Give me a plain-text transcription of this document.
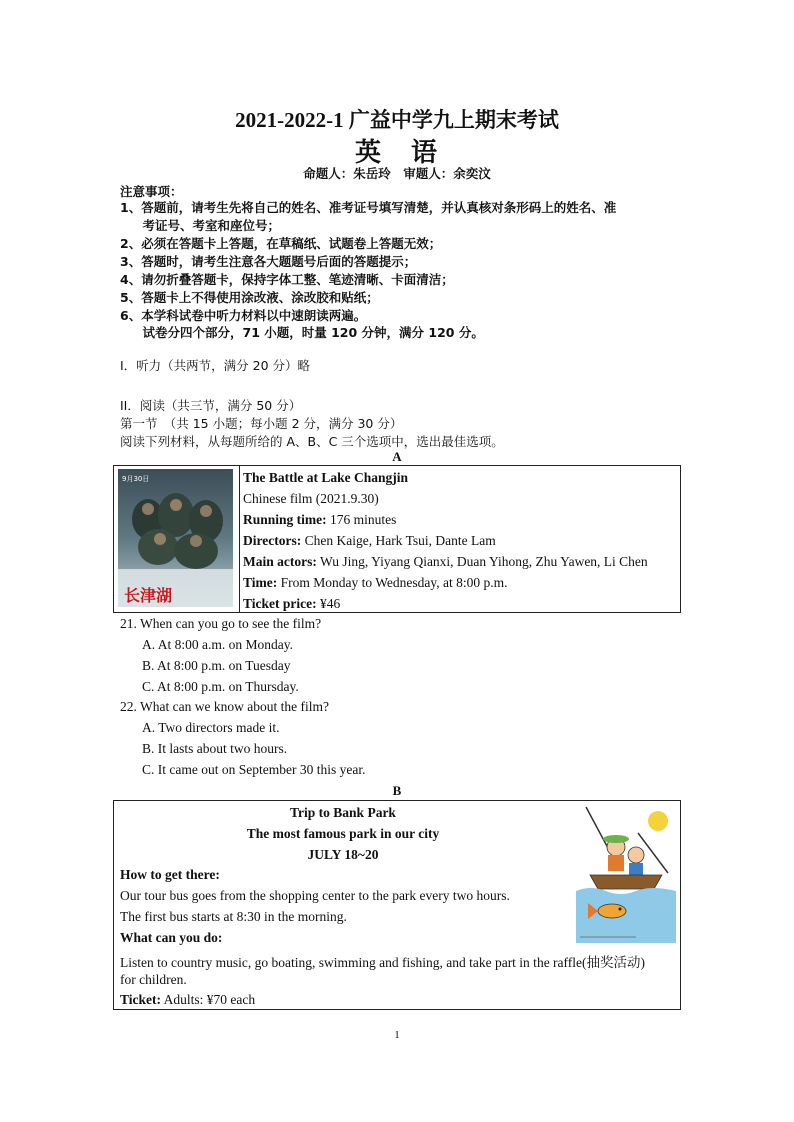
2021-2022-1 广益中学九上期末考试
英　语
命题人：朱岳玲　审题人：余奕汶
注意事项：
1、答题前，请考生先将自己的姓名、准考证号填写清楚，并认真核对条形码上的姓名、准
　考证号、考室和座位号；
2、必须在答题卡上答题，在草稿纸、试题卷上答题无效；
3、答题时，请考生注意各大题题号后面的答题提示；
4、请勿折叠答题卡，保持字体工整、笔迹清晰、卡面清洁；
5、答题卡上不得使用涂改液、涂改胶和贴纸；
6、本学科试卷中听力材料以中速朗读两遍。
　试卷分四个部分，71 小题，时量 120 分钟，满分 120 分。
I．听力（共两节，满分 20 分）略
II．阅读（共三节，满分 50 分）
第一节　（共 15 小题；每小题 2 分，满分 30 分）
阅读下列材料，从每题所给的 A、B、C 三个选项中，选出最佳选项。
A
9月30日
长津湖
The Battle at Lake Changjin
Chinese film (2021.9.30)
Running time: 176 minutes
Directors: Chen Kaige, Hark Tsui, Dante Lam
Main actors: Wu Jing, Yiyang Qianxi, Duan Yihong, Zhu Yawen, Li Chen
Time: From Monday to Wednesday, at 8:00 p.m.
Ticket price: ¥46
21. When can you go to see the film?
A. At 8:00 a.m. on Monday.
B. At 8:00 p.m. on Tuesday
C. At 8:00 p.m. on Thursday.
22. What can we know about the film?
A. Two directors made it.
B. It lasts about two hours.
C. It came out on September 30 this year.
B
Trip to Bank Park
The most famous park in our city
JULY 18~20
How to get there:
Our tour bus goes from the shopping center to the park every two hours.
The first bus starts at 8:30 in the morning.
What can you do:
Listen to country music, go boating, swimming and fishing, and take part in the raffle(抽奖活动)
for children.
Ticket: Adults: ¥70 each
1
